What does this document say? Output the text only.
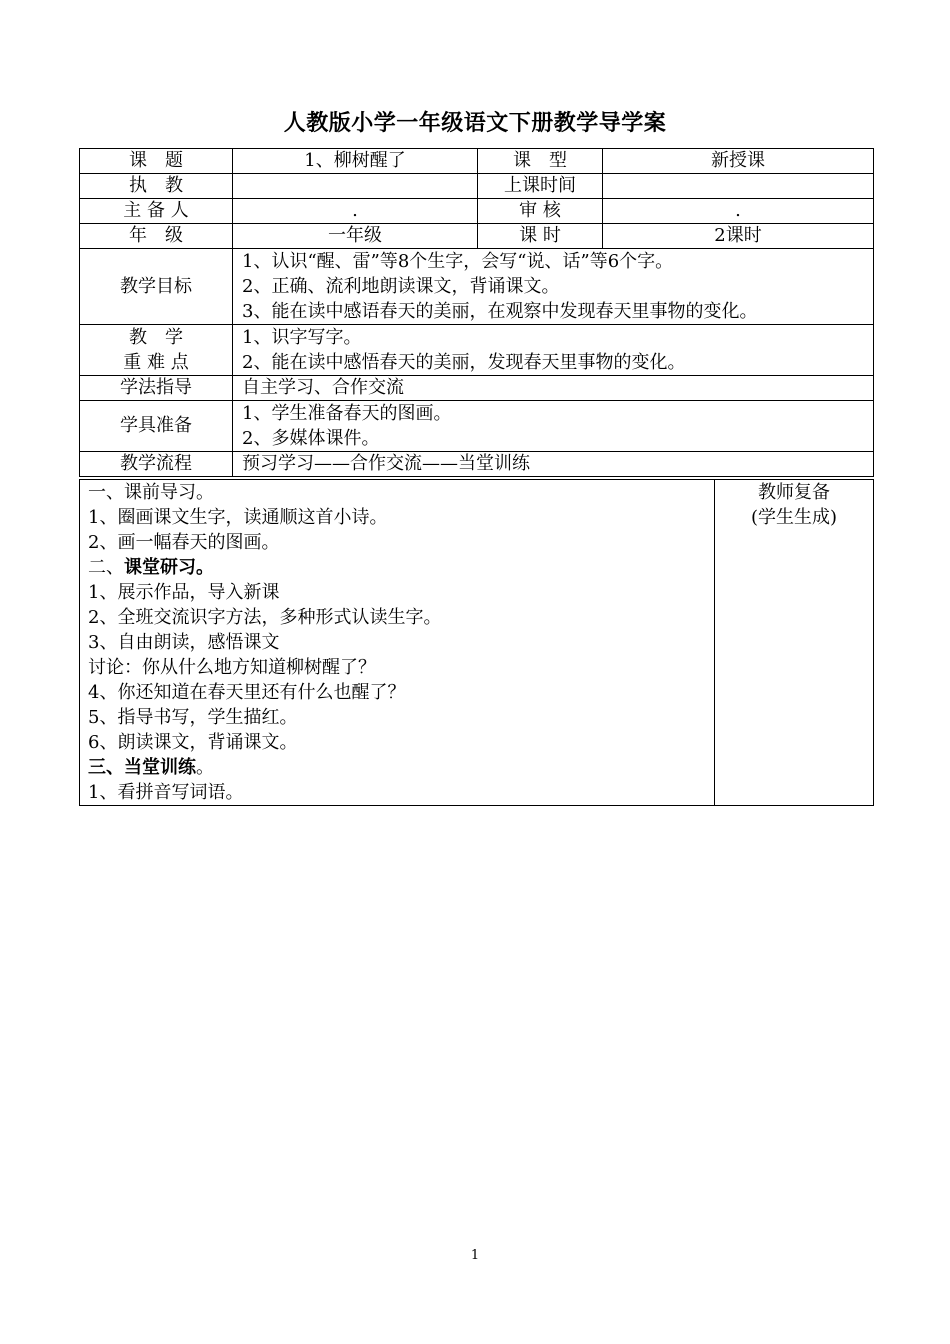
人教版小学一年级语文下册教学导学案
课　题	1、柳树醒了	课　型	新授课
执　教		上课时间	
主 备 人	.	审 核	.
年　级	一年级	课 时	2课时
教学目标	1、认识“醒、雷”等8个生字，会写“说、话”等6个字。
2、正确、流利地朗读课文，背诵课文。
3、能在读中感语春天的美丽，在观察中发现春天里事物的变化。		

教　学
重 难 点	1、识字写字。
2、能在读中感悟春天的美丽，发现春天里事物的变化。		

学法指导	自主学习、合作交流		
学具准备	1、学生准备春天的图画。
2、多媒体课件。		

教学流程	预习学习——合作交流——当堂训练		
一、课前导习。
1、圈画课文生字，读通顺这首小诗。
2、画一幅春天的图画。
二、课堂研习。
1、展示作品，导入新课
2、全班交流识字方法，多种形式认读生字。
3、自由朗读，感悟课文
讨论：你从什么地方知道柳树醒了？
4、你还知道在春天里还有什么也醒了？
5、指导书写，学生描红。
6、朗读课文，背诵课文。
三、当堂训练。
1、看拼音写词语。

教师复备
(学生生成)
1
